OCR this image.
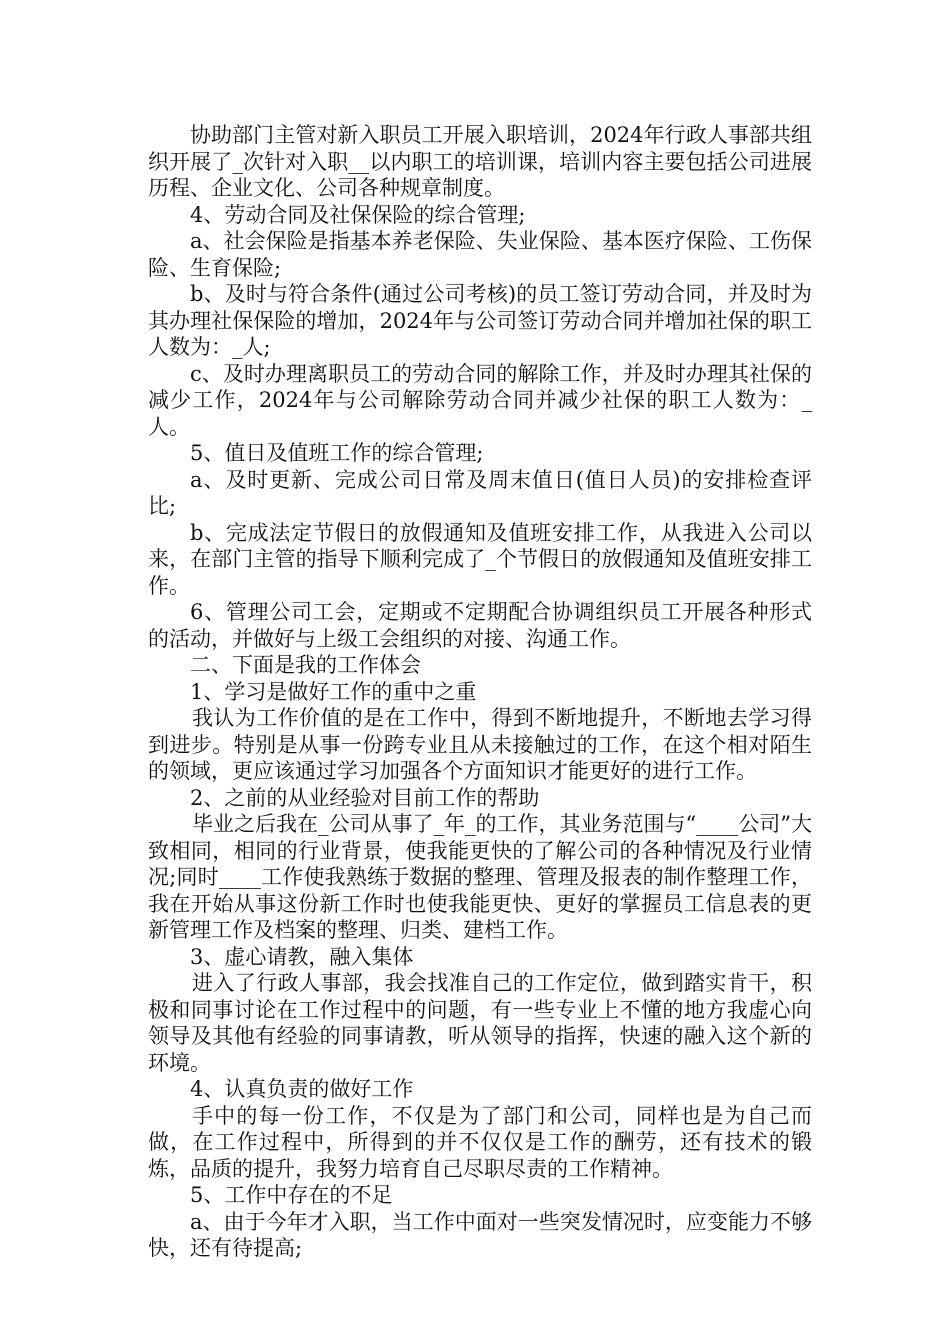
协助部门主管对新入职员工开展入职培训，2024年行政人事部共组织开展了_次针对入职__以内职工的培训课，培训内容主要包括公司进展历程、企业文化、公司各种规章制度。

4、劳动合同及社保保险的综合管理;

a、社会保险是指基本养老保险、失业保险、基本医疗保险、工伤保险、生育保险;

b、及时与符合条件(通过公司考核)的员工签订劳动合同，并及时为其办理社保保险的增加，2024年与公司签订劳动合同并增加社保的职工人数为：_人;

c、及时办理离职员工的劳动合同的解除工作，并及时办理其社保的减少工作，2024年与公司解除劳动合同并减少社保的职工人数为：_人。

5、值日及值班工作的综合管理;

a、及时更新、完成公司日常及周末值日(值日人员)的安排检查评比;

b、完成法定节假日的放假通知及值班安排工作，从我进入公司以来，在部门主管的指导下顺利完成了_个节假日的放假通知及值班安排工作。

6、管理公司工会，定期或不定期配合协调组织员工开展各种形式的活动，并做好与上级工会组织的对接、沟通工作。

二、下面是我的工作体会

1、学习是做好工作的重中之重

我认为工作价值的是在工作中，得到不断地提升，不断地去学习得到进步。特别是从事一份跨专业且从未接触过的工作，在这个相对陌生的领域，更应该通过学习加强各个方面知识才能更好的进行工作。

2、之前的从业经验对目前工作的帮助

毕业之后我在_公司从事了_年_的工作，其业务范围与“____公司”大致相同，相同的行业背景，使我能更快的了解公司的各种情况及行业情况;同时____工作使我熟练于数据的整理、管理及报表的制作整理工作，我在开始从事这份新工作时也使我能更快、更好的掌握员工信息表的更新管理工作及档案的整理、归类、建档工作。

3、虚心请教，融入集体

进入了行政人事部，我会找准自己的工作定位，做到踏实肯干，积极和同事讨论在工作过程中的问题，有一些专业上不懂的地方我虚心向领导及其他有经验的同事请教，听从领导的指挥，快速的融入这个新的环境。

4、认真负责的做好工作

手中的每一份工作，不仅是为了部门和公司，同样也是为自己而做，在工作过程中，所得到的并不仅仅是工作的酬劳，还有技术的锻炼，品质的提升，我努力培育自己尽职尽责的工作精神。

5、工作中存在的不足

a、由于今年才入职，当工作中面对一些突发情况时，应变能力不够快，还有待提高;
